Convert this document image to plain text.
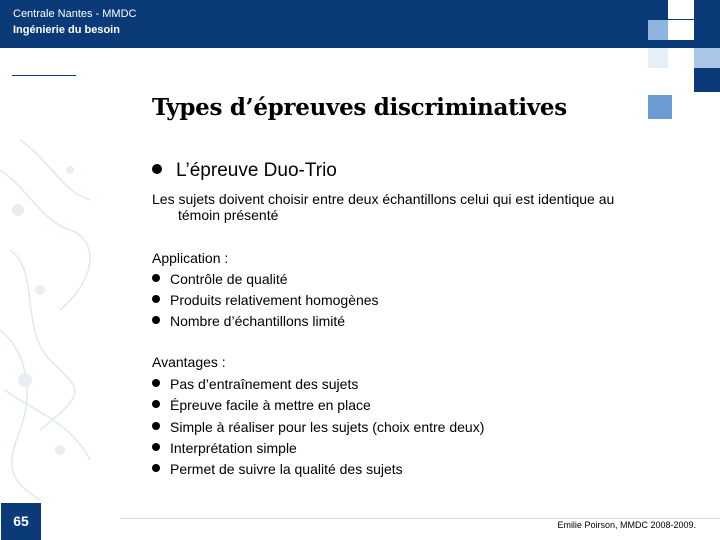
Centrale Nantes - MMDC
Ingénierie du besoin
Types d’épreuves discriminatives
L’épreuve Duo-Trio
Les sujets doivent choisir entre deux échantillons celui qui est identique au
témoin présenté
Application :
Contrôle de qualité
Produits relativement homogènes
Nombre d’échantillons limité
Avantages :
Pas d’entraînement des sujets
Épreuve facile à mettre en place
Simple à réaliser pour les sujets (choix entre deux)
Interprétation simple
Permet de suivre la qualité des sujets
65	Emilie Poirson, MMDC 2008-2009.
